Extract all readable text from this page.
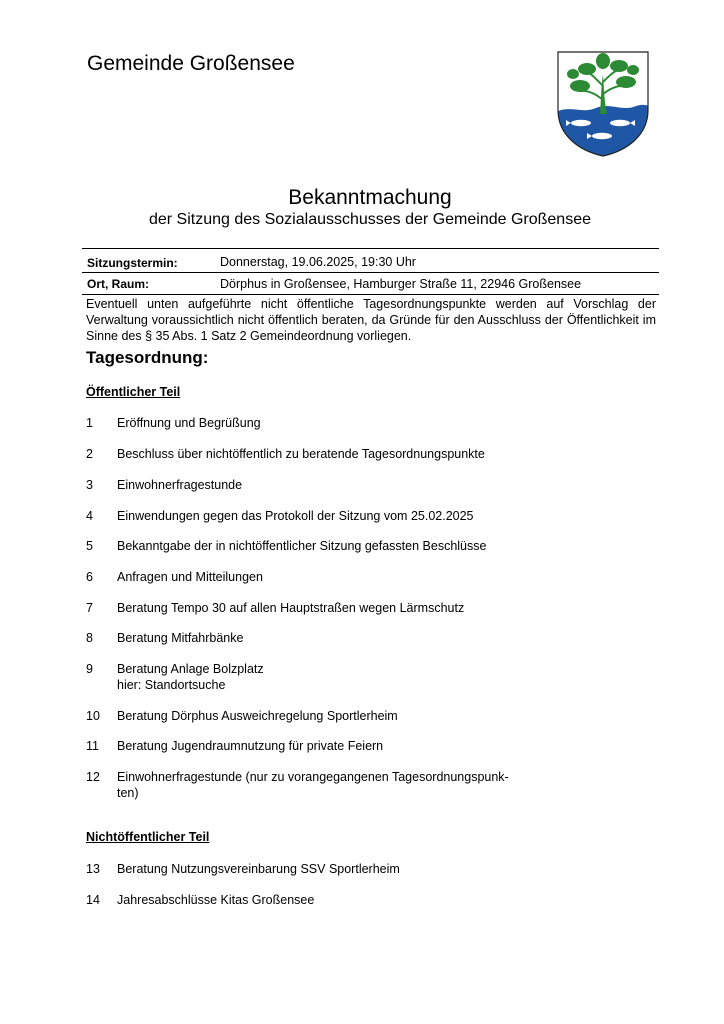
Gemeinde Großensee
Bekanntmachung
der Sitzung des Sozialausschusses der Gemeinde Großensee
Sitzungstermin:	Donnerstag, 19.06.2025, 19:30 Uhr
Ort, Raum:	Dörphus in Großensee, Hamburger Straße 11, 22946 Großensee
Eventuell unten aufgeführte nicht öffentliche Tagesordnungspunkte werden auf Vorschlag der Verwaltung voraussichtlich nicht öffentlich beraten, da Gründe für den Ausschluss der Öffentlichkeit im Sinne des § 35 Abs. 1 Satz 2 Gemeindeordnung vorliegen.
Tagesordnung:
Öffentlicher Teil
1 Eröffnung und Begrüßung
2 Beschluss über nichtöffentlich zu beratende Tagesordnungspunkte
3 Einwohnerfragestunde
4 Einwendungen gegen das Protokoll der Sitzung vom 25.02.2025
5 Bekanntgabe der in nichtöffentlicher Sitzung gefassten Beschlüsse
6 Anfragen und Mitteilungen
7 Beratung Tempo 30 auf allen Hauptstraßen wegen Lärmschutz
8 Beratung Mitfahrbänke
9 Beratung Anlage Bolzplatz
hier: Standortsuche
10 Beratung Dörphus Ausweichregelung Sportlerheim
11 Beratung Jugendraumnutzung für private Feiern
12 Einwohnerfragestunde (nur zu vorangegangenen Tagesordnungspunk-
ten)
Nichtöffentlicher Teil
13 Beratung Nutzungsvereinbarung SSV Sportlerheim
14 Jahresabschlüsse Kitas Großensee
